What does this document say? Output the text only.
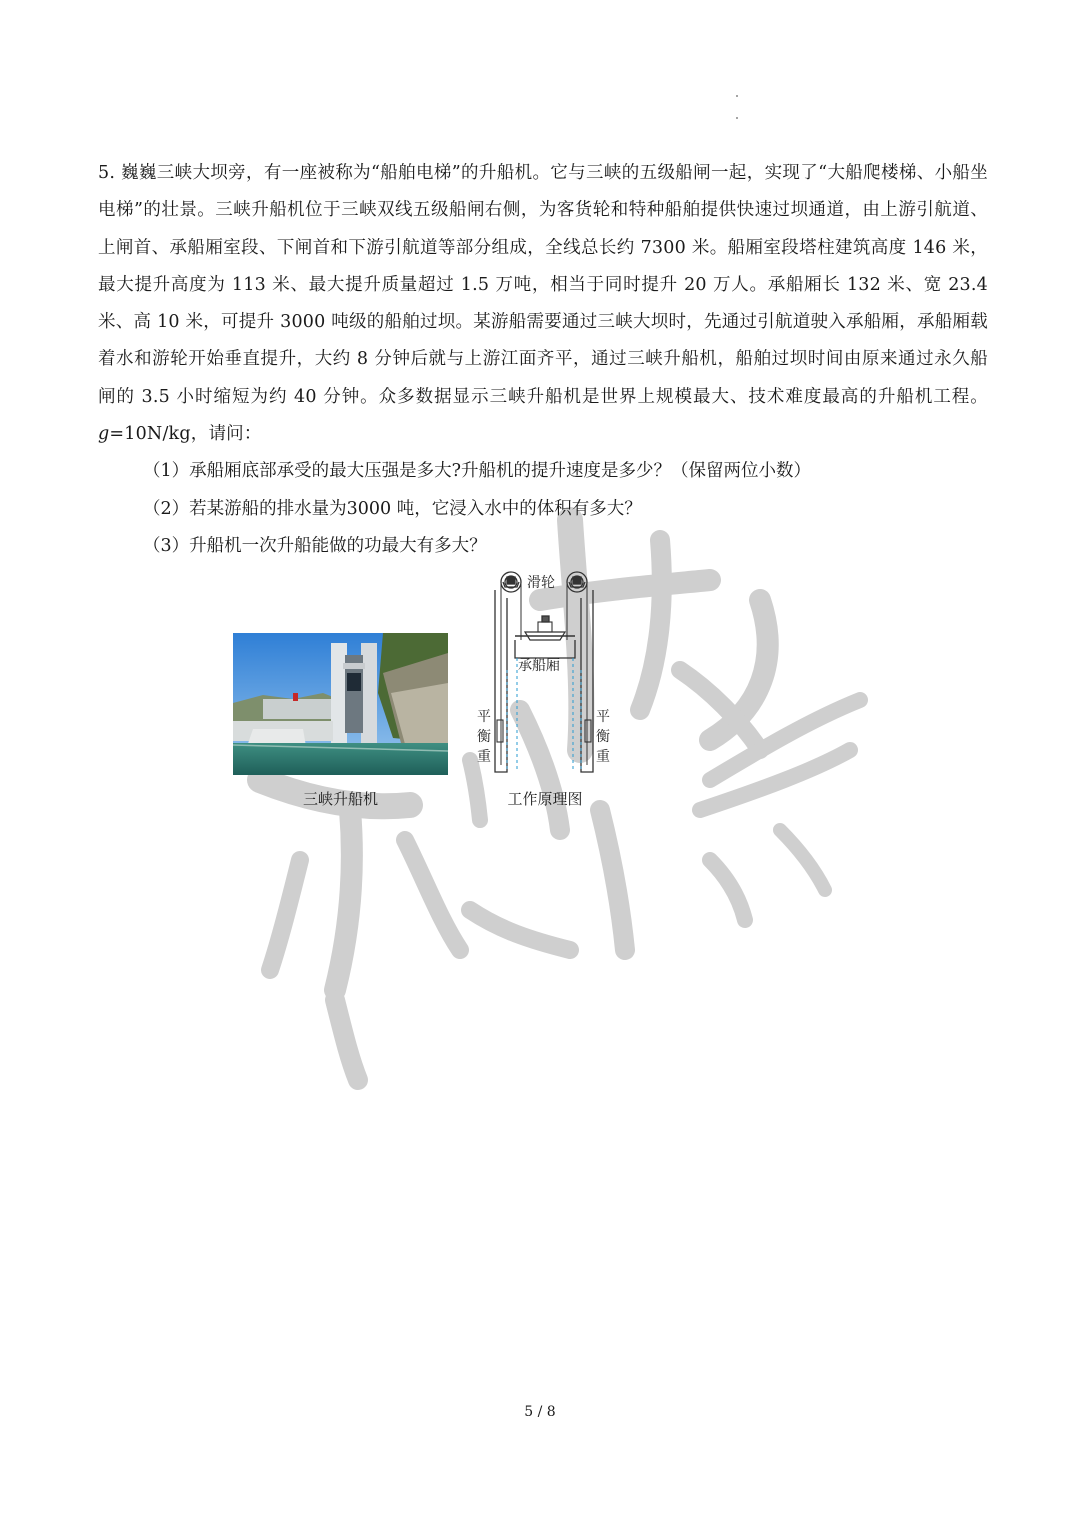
5. 巍巍三峡大坝旁，有一座被称为“船舶电梯”的升船机。它与三峡的五级船闸一起，实现了“大船爬楼梯、小船坐电梯”的壮景。三峡升船机位于三峡双线五级船闸右侧，为客货轮和特种船舶提供快速过坝通道，由上游引航道、上闸首、承船厢室段、下闸首和下游引航道等部分组成，全线总长约 7300 米。船厢室段塔柱建筑高度 146 米，最大提升高度为 113 米、最大提升质量超过 1.5 万吨，相当于同时提升 20 万人。承船厢长 132 米、宽 23.4 米、高 10 米，可提升 3000 吨级的船舶过坝。某游船需要通过三峡大坝时，先通过引航道驶入承船厢，承船厢载着水和游轮开始垂直提升，大约 8 分钟后就与上游江面齐平，通过三峡升船机，船舶过坝时间由原来通过永久船闸的 3.5 小时缩短为约 40 分钟。众多数据显示三峡升船机是世界上规模最大、技术难度最高的升船机工程。g=10N/kg，请问：

（1）承船厢底部承受的最大压强是多大?升船机的提升速度是多少？（保留两位小数）

（2）若某游船的排水量为3000 吨，它浸入水中的体积有多大？

（3）升船机一次升船能做的功最大有多大？

三峡升船机
滑轮
承船厢
平
衡
重
平
衡
重
工作原理图
5 / 8
